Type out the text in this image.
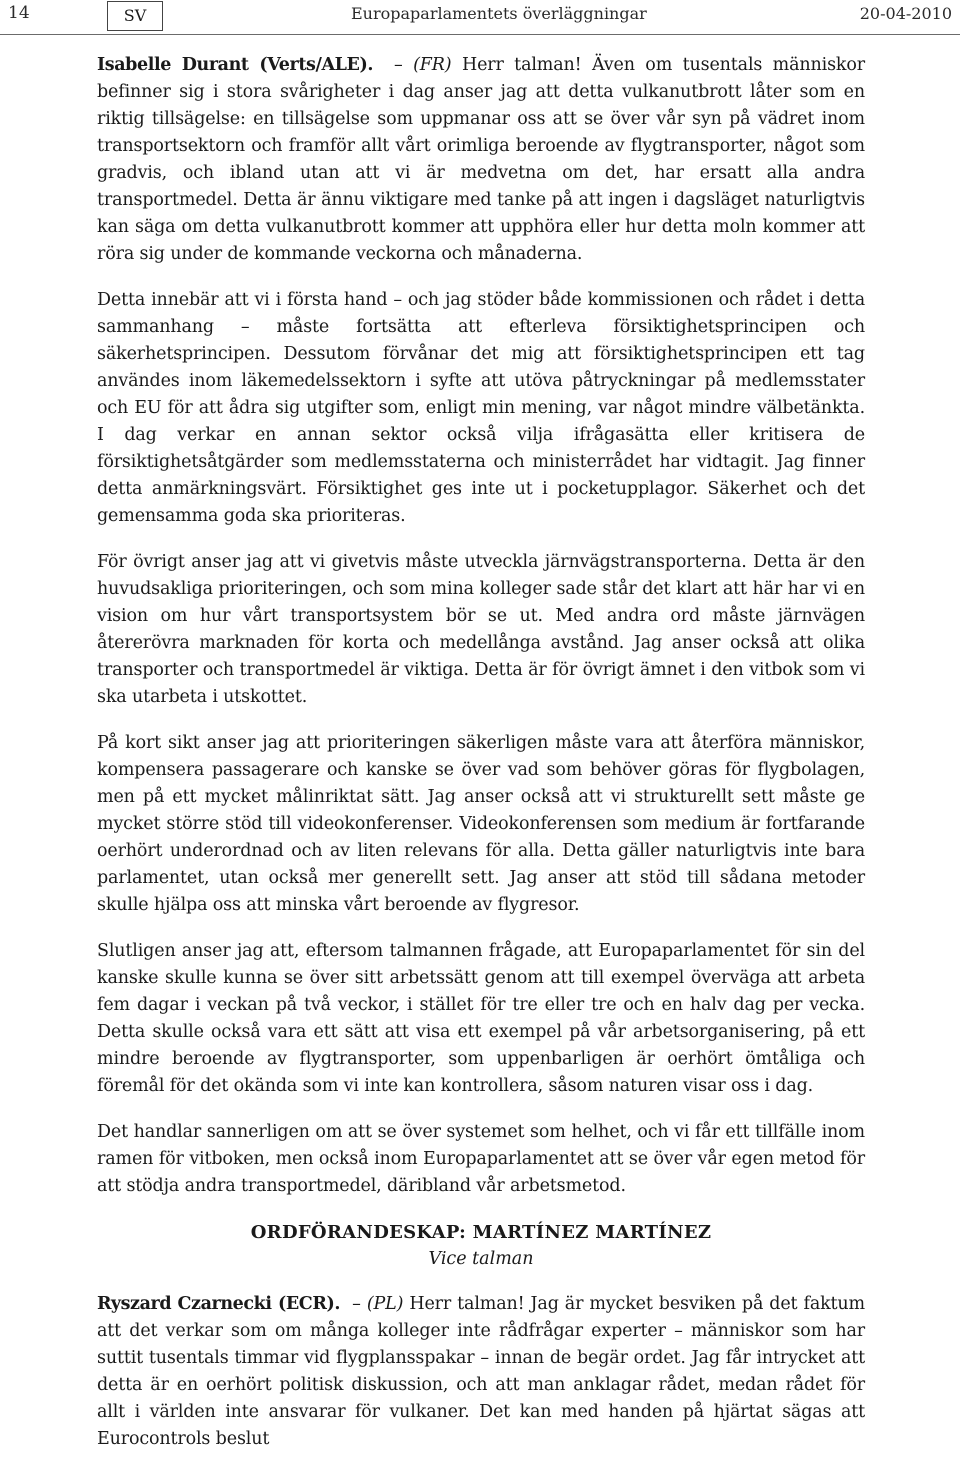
14	SV	Europaparlamentets överläggningar	20-04-2010

Isabelle Durant (Verts/ALE).  – (FR) Herr talman! Även om tusentals människor befinner sig i stora svårigheter i dag anser jag att detta vulkanutbrott låter som en riktig tillsägelse: en tillsägelse som uppmanar oss att se över vår syn på vädret inom transportsektorn och framför allt vårt orimliga beroende av flygtransporter, något som gradvis, och ibland utan att vi är medvetna om det, har ersatt alla andra transportmedel. Detta är ännu viktigare med tanke på att ingen i dagsläget naturligtvis kan säga om detta vulkanutbrott kommer att upphöra eller hur detta moln kommer att röra sig under de kommande veckorna och månaderna.

Detta innebär att vi i första hand – och jag stöder både kommissionen och rådet i detta sammanhang – måste fortsätta att efterleva försiktighetsprincipen och säkerhetsprincipen. Dessutom förvånar det mig att försiktighetsprincipen ett tag användes inom läkemedelssektorn i syfte att utöva påtryckningar på medlemsstater och EU för att ådra sig utgifter som, enligt min mening, var något mindre välbetänkta. I dag verkar en annan sektor också vilja ifrågasätta eller kritisera de försiktighetsåtgärder som medlemsstaterna och ministerrådet har vidtagit. Jag finner detta anmärkningsvärt. Försiktighet ges inte ut i pocketupplagor. Säkerhet och det gemensamma goda ska prioriteras.

För övrigt anser jag att vi givetvis måste utveckla järnvägstransporterna. Detta är den huvudsakliga prioriteringen, och som mina kolleger sade står det klart att här har vi en vision om hur vårt transportsystem bör se ut. Med andra ord måste järnvägen återerövra marknaden för korta och medellånga avstånd. Jag anser också att olika transporter och transportmedel är viktiga. Detta är för övrigt ämnet i den vitbok som vi ska utarbeta i utskottet.

På kort sikt anser jag att prioriteringen säkerligen måste vara att återföra människor, kompensera passagerare och kanske se över vad som behöver göras för flygbolagen, men på ett mycket målinriktat sätt. Jag anser också att vi strukturellt sett måste ge mycket större stöd till videokonferenser. Videokonferensen som medium är fortfarande oerhört underordnad och av liten relevans för alla. Detta gäller naturligtvis inte bara parlamentet, utan också mer generellt sett. Jag anser att stöd till sådana metoder skulle hjälpa oss att minska vårt beroende av flygresor.

Slutligen anser jag att, eftersom talmannen frågade, att Europaparlamentet för sin del kanske skulle kunna se över sitt arbetssätt genom att till exempel överväga att arbeta fem dagar i veckan på två veckor, i stället för tre eller tre och en halv dag per vecka. Detta skulle också vara ett sätt att visa ett exempel på vår arbetsorganisering, på ett mindre beroende av flygtransporter, som uppenbarligen är oerhört ömtåliga och föremål för det okända som vi inte kan kontrollera, såsom naturen visar oss i dag.

Det handlar sannerligen om att se över systemet som helhet, och vi får ett tillfälle inom ramen för vitboken, men också inom Europaparlamentet att se över vår egen metod för att stödja andra transportmedel, däribland vår arbetsmetod.

ORDFÖRANDESKAP: MARTÍNEZ MARTÍNEZ
Vice talman

Ryszard Czarnecki (ECR).  – (PL) Herr talman! Jag är mycket besviken på det faktum att det verkar som om många kolleger inte rådfrågar experter – människor som har suttit tusentals timmar vid flygplansspakar – innan de begär ordet. Jag får intrycket att detta är en oerhört politisk diskussion, och att man anklagar rådet, medan rådet för allt i världen inte ansvarar för vulkaner. Det kan med handen på hjärtat sägas att Eurocontrols beslut
